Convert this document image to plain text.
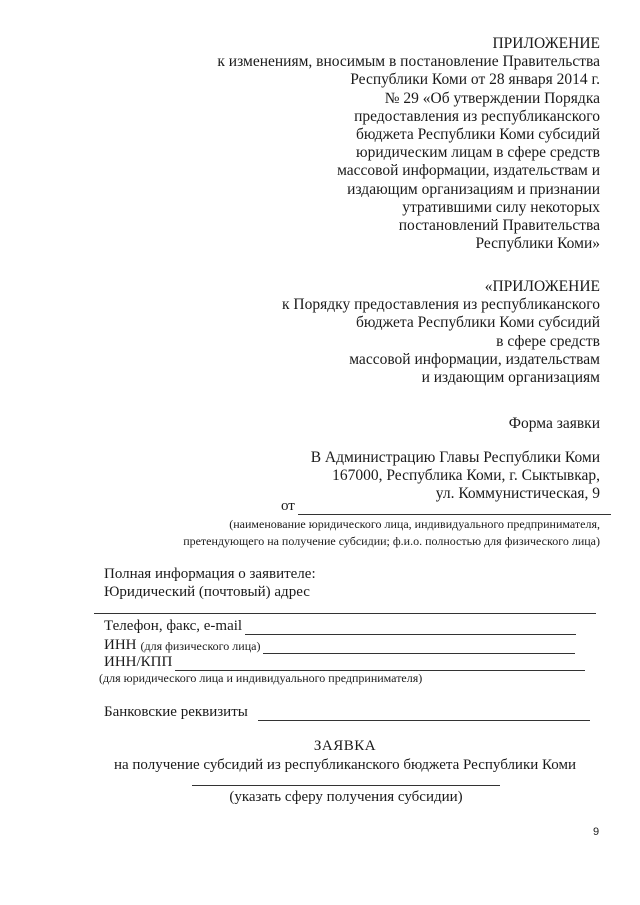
ПРИЛОЖЕНИЕ
к изменениям, вносимым в постановление Правительства
Республики Коми от 28 января 2014 г.
№ 29 «Об утверждении Порядка
предоставления из республиканского
бюджета Республики Коми субсидий
юридическим лицам в сфере средств
массовой информации, издательствам и
издающим организациям и признании
утратившими силу некоторых
постановлений Правительства
Республики Коми»
«ПРИЛОЖЕНИЕ
к Порядку предоставления из республиканского
бюджета Республики Коми субсидий
в сфере средств
массовой информации, издательствам
и издающим организациям
Форма заявки
В Администрацию Главы Республики Коми
167000, Республика Коми, г. Сыктывкар,
ул. Коммунистическая, 9
от
(наименование юридического лица, индивидуального предпринимателя,
претендующего на получение субсидии; ф.и.о. полностью для физического лица)
Полная информация о заявителе:
Юридический (почтовый) адрес
Телефон, факс, e-mail
ИНН (для физического лица)
ИНН/КПП
(для юридического лица и индивидуального предпринимателя)
Банковские реквизиты
ЗАЯВКА
на получение субсидий из республиканского бюджета Республики Коми
(указать сферу получения субсидии)
9
